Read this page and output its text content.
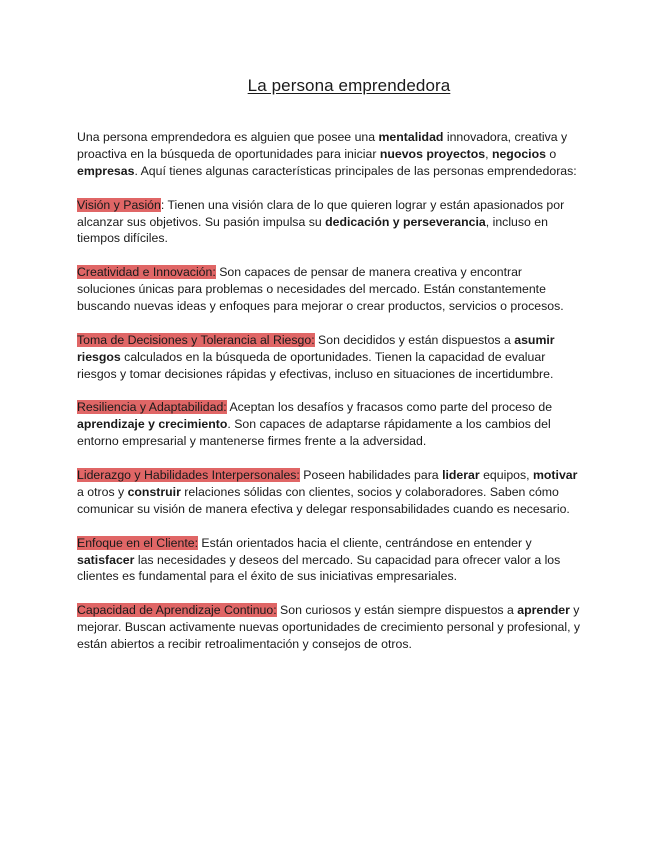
La persona emprendedora

Una persona emprendedora es alguien que posee una mentalidad innovadora, creativa y proactiva en la búsqueda de oportunidades para iniciar nuevos proyectos, negocios o empresas. Aquí tienes algunas características principales de las personas emprendedoras:

Visión y Pasión: Tienen una visión clara de lo que quieren lograr y están apasionados por alcanzar sus objetivos. Su pasión impulsa su dedicación y perseverancia, incluso en tiempos difíciles.

Creatividad e Innovación: Son capaces de pensar de manera creativa y encontrar soluciones únicas para problemas o necesidades del mercado. Están constantemente buscando nuevas ideas y enfoques para mejorar o crear productos, servicios o procesos.

Toma de Decisiones y Tolerancia al Riesgo: Son decididos y están dispuestos a asumir riesgos calculados en la búsqueda de oportunidades. Tienen la capacidad de evaluar riesgos y tomar decisiones rápidas y efectivas, incluso en situaciones de incertidumbre.

Resiliencia y Adaptabilidad: Aceptan los desafíos y fracasos como parte del proceso de aprendizaje y crecimiento. Son capaces de adaptarse rápidamente a los cambios del entorno empresarial y mantenerse firmes frente a la adversidad.

Liderazgo y Habilidades Interpersonales: Poseen habilidades para liderar equipos, motivar a otros y construir relaciones sólidas con clientes, socios y colaboradores. Saben cómo comunicar su visión de manera efectiva y delegar responsabilidades cuando es necesario.

Enfoque en el Cliente: Están orientados hacia el cliente, centrándose en entender y satisfacer las necesidades y deseos del mercado. Su capacidad para ofrecer valor a los clientes es fundamental para el éxito de sus iniciativas empresariales.

Capacidad de Aprendizaje Continuo: Son curiosos y están siempre dispuestos a aprender y mejorar. Buscan activamente nuevas oportunidades de crecimiento personal y profesional, y están abiertos a recibir retroalimentación y consejos de otros.
